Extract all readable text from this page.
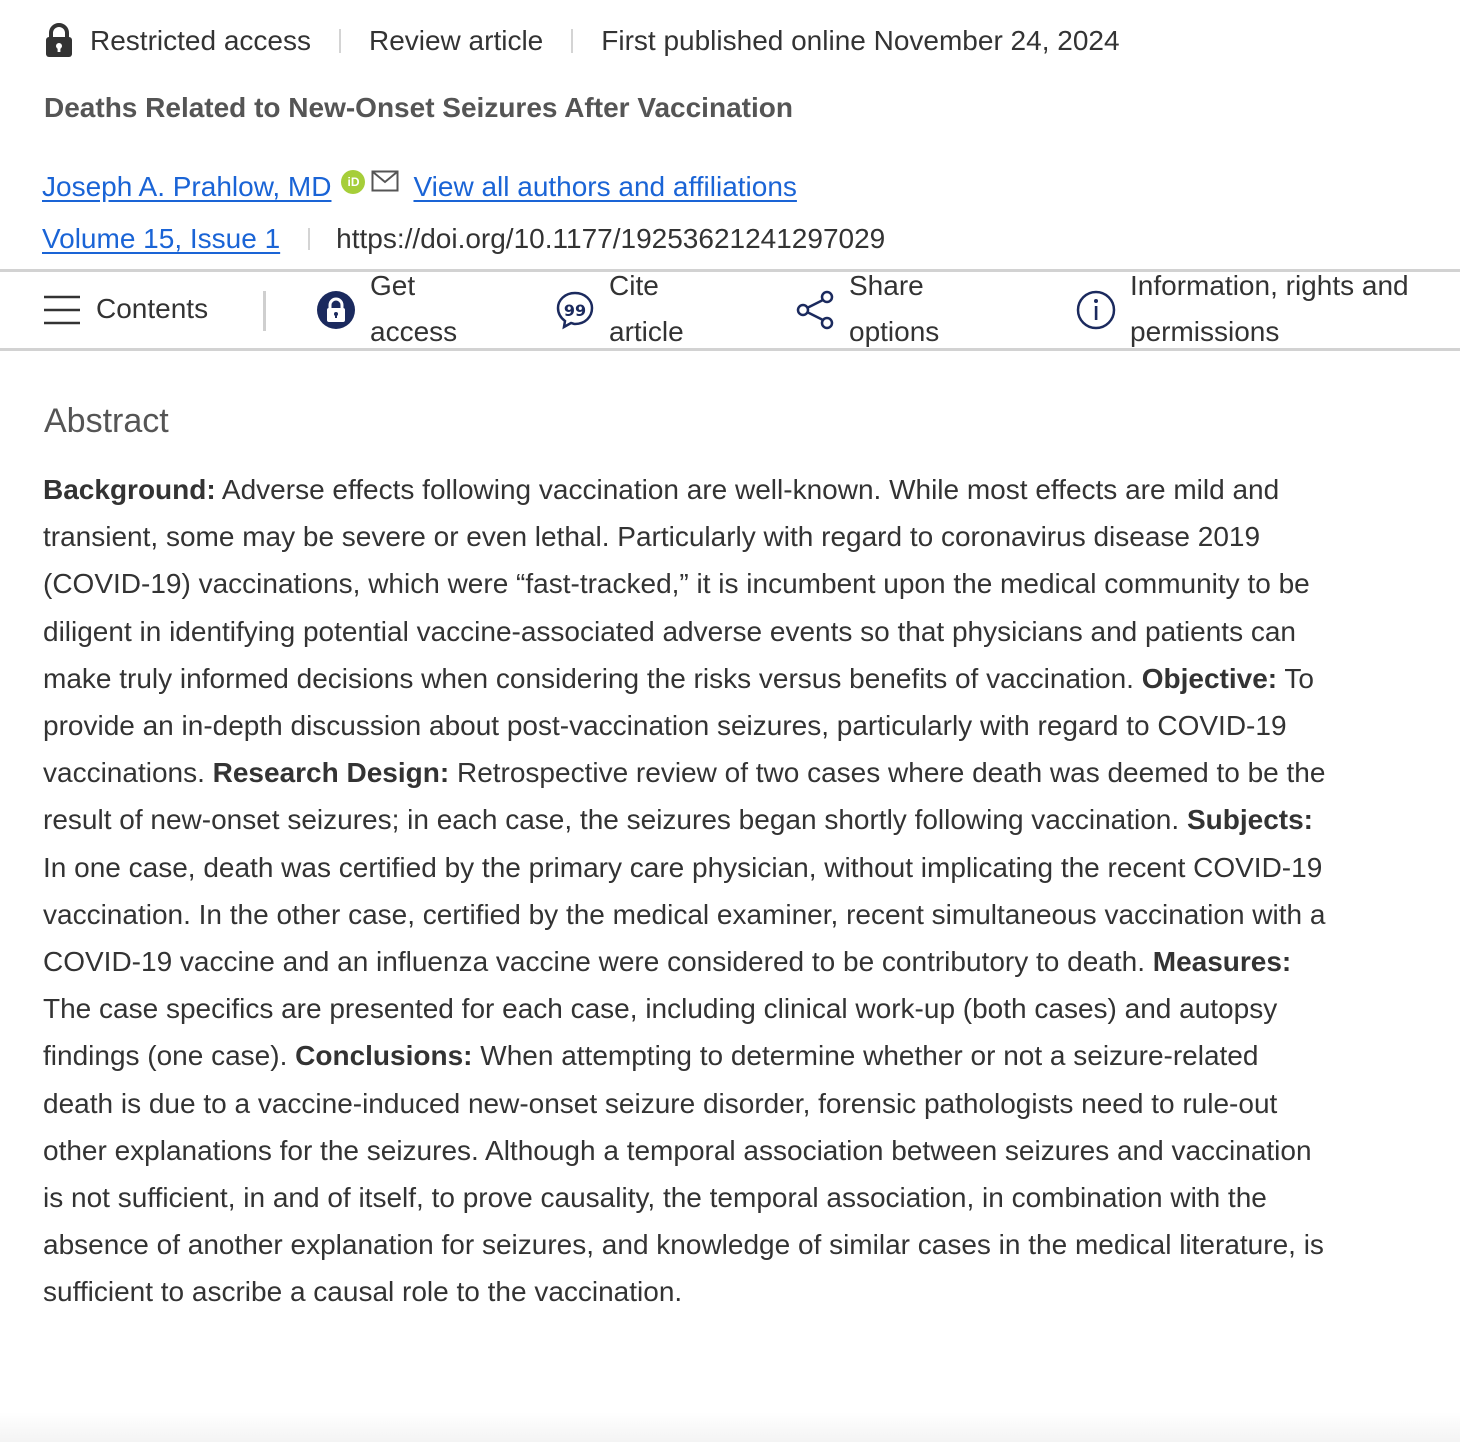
Restricted access Review article First published online November 24, 2024
Deaths Related to New-Onset Seizures After Vaccination
Joseph A. Prahlow, MD	iD View all authors and affiliations
Volume 15, Issue 1 https://doi.org/10.1177/19253621241297029
Contents
Get access
99
Cite article
Share options
Information, rights and permissions
Abstract

Background: Adverse effects following vaccination are well-known. While most effects are mild and transient, some may be severe or even lethal. Particularly with regard to coronavirus disease 2019 (COVID-19) vaccinations, which were “fast-tracked,” it is incumbent upon the medical community to be diligent in identifying potential vaccine-associated adverse events so that physicians and patients can make truly informed decisions when considering the risks versus benefits of vaccination. Objective: To provide an in-depth discussion about post-vaccination seizures, particularly with regard to COVID-19 vaccinations. Research Design: Retrospective review of two cases where death was deemed to be the result of new-onset seizures; in each case, the seizures began shortly following vaccination. Subjects: In one case, death was certified by the primary care physician, without implicating the recent COVID-19 vaccination. In the other case, certified by the medical examiner, recent simultaneous vaccination with a COVID-19 vaccine and an influenza vaccine were considered to be contributory to death. Measures: The case specifics are presented for each case, including clinical work-up (both cases) and autopsy findings (one case). Conclusions: When attempting to determine whether or not a seizure-related death is due to a vaccine-induced new-onset seizure disorder, forensic pathologists need to rule-out other explanations for the seizures. Although a temporal association between seizures and vaccination is not sufficient, in and of itself, to prove causality, the temporal association, in combination with the absence of another explanation for seizures, and knowledge of similar cases in the medical literature, is sufficient to ascribe a causal role to the vaccination.
